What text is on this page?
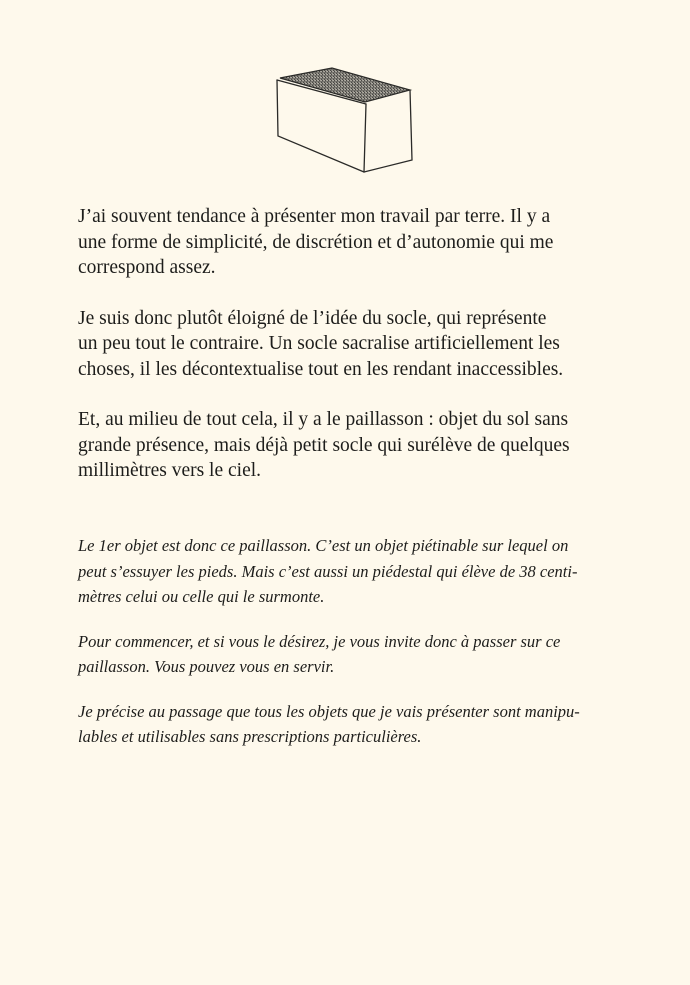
J’ai souvent tendance à présenter mon travail par terre. Il y a
une forme de simplicité, de discrétion et d’autonomie qui me
correspond assez.

Je suis donc plutôt éloigné de l’idée du socle, qui représente
un peu tout le contraire. Un socle sacralise artificiellement les
choses, il les décontextualise tout en les rendant inaccessibles.

Et, au milieu de tout cela, il y a le paillasson : objet du sol sans
grande présence, mais déjà petit socle qui surélève de quelques
millimètres vers le ciel.

Le 1er objet est donc ce paillasson. C’est un objet piétinable sur lequel on
peut s’essuyer les pieds. Mais c’est aussi un piédestal qui élève de 38 centi-
mètres celui ou celle qui le surmonte.

Pour commencer, et si vous le désirez, je vous invite donc à passer sur ce
paillasson. Vous pouvez vous en servir.

Je précise au passage que tous les objets que je vais présenter sont manipu-
lables et utilisables sans prescriptions particulières.
